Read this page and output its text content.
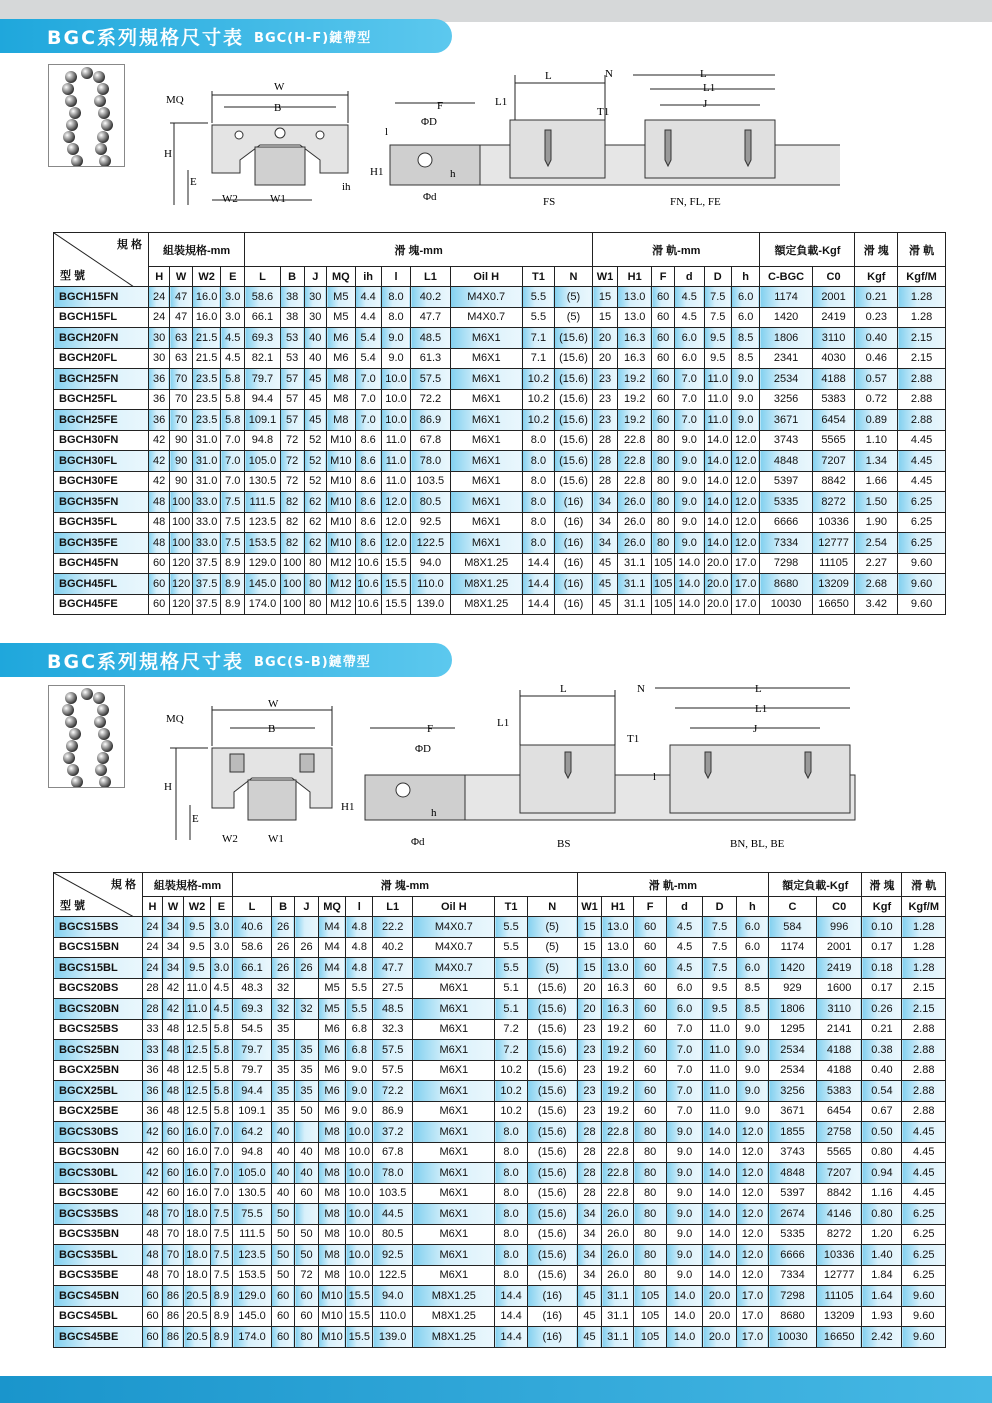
BGC系列規格尺寸表 BGC(H-F)鏈帶型
MQ
W
B
H
E
W2	W1
ih
L
L1
F
ΦD
H1	h
Φd
l
N
T1
L
L1
J
FS	FN, FL, FE
規 格
型 號	組裝規格-mm				滑 塊-mm										滑 軌-mm						額定負載-Kgf		滑 塊	滑 軌
	H	W	W2	E	L	B	J	MQ	ih	l	L1	Oil H	T1	N	W1	H1	F	d	D	h	C-BGC	C0	Kgf	Kgf/M
BGCH15FN	24	47	16.0	3.0	58.6	38	30	M5	4.4	8.0	40.2	M4X0.7	5.5	(5)	15	13.0	60	4.5	7.5	6.0	1174	2001	0.21	1.28
BGCH15FL	24	47	16.0	3.0	66.1	38	30	M5	4.4	8.0	47.7	M4X0.7	5.5	(5)	15	13.0	60	4.5	7.5	6.0	1420	2419	0.23	1.28
BGCH20FN	30	63	21.5	4.5	69.3	53	40	M6	5.4	9.0	48.5	M6X1	7.1	(15.6)	20	16.3	60	6.0	9.5	8.5	1806	3110	0.40	2.15
BGCH20FL	30	63	21.5	4.5	82.1	53	40	M6	5.4	9.0	61.3	M6X1	7.1	(15.6)	20	16.3	60	6.0	9.5	8.5	2341	4030	0.46	2.15
BGCH25FN	36	70	23.5	5.8	79.7	57	45	M8	7.0	10.0	57.5	M6X1	10.2	(15.6)	23	19.2	60	7.0	11.0	9.0	2534	4188	0.57	2.88
BGCH25FL	36	70	23.5	5.8	94.4	57	45	M8	7.0	10.0	72.2	M6X1	10.2	(15.6)	23	19.2	60	7.0	11.0	9.0	3256	5383	0.72	2.88
BGCH25FE	36	70	23.5	5.8	109.1	57	45	M8	7.0	10.0	86.9	M6X1	10.2	(15.6)	23	19.2	60	7.0	11.0	9.0	3671	6454	0.89	2.88
BGCH30FN	42	90	31.0	7.0	94.8	72	52	M10	8.6	11.0	67.8	M6X1	8.0	(15.6)	28	22.8	80	9.0	14.0	12.0	3743	5565	1.10	4.45
BGCH30FL	42	90	31.0	7.0	105.0	72	52	M10	8.6	11.0	78.0	M6X1	8.0	(15.6)	28	22.8	80	9.0	14.0	12.0	4848	7207	1.34	4.45
BGCH30FE	42	90	31.0	7.0	130.5	72	52	M10	8.6	11.0	103.5	M6X1	8.0	(15.6)	28	22.8	80	9.0	14.0	12.0	5397	8842	1.66	4.45
BGCH35FN	48	100	33.0	7.5	111.5	82	62	M10	8.6	12.0	80.5	M6X1	8.0	(16)	34	26.0	80	9.0	14.0	12.0	5335	8272	1.50	6.25
BGCH35FL	48	100	33.0	7.5	123.5	82	62	M10	8.6	12.0	92.5	M6X1	8.0	(16)	34	26.0	80	9.0	14.0	12.0	6666	10336	1.90	6.25
BGCH35FE	48	100	33.0	7.5	153.5	82	62	M10	8.6	12.0	122.5	M6X1	8.0	(16)	34	26.0	80	9.0	14.0	12.0	7334	12777	2.54	6.25
BGCH45FN	60	120	37.5	8.9	129.0	100	80	M12	10.6	15.5	94.0	M8X1.25	14.4	(16)	45	31.1	105	14.0	20.0	17.0	7298	11105	2.27	9.60
BGCH45FL	60	120	37.5	8.9	145.0	100	80	M12	10.6	15.5	110.0	M8X1.25	14.4	(16)	45	31.1	105	14.0	20.0	17.0	8680	13209	2.68	9.60
BGCH45FE	60	120	37.5	8.9	174.0	100	80	M12	10.6	15.5	139.0	M8X1.25	14.4	(16)	45	31.1	105	14.0	20.0	17.0	10030	16650	3.42	9.60
BGC系列規格尺寸表 BGC(S-B)鏈帶型
MQ
W
B
H
E
W2	W1
L
L1
F
ΦD
H1	h
Φd
l
N
T1
L
L1
J
BS	BN, BL, BE
規 格
型 號	組裝規格-mm				滑 塊-mm									滑 軌-mm						額定負載-Kgf		滑 塊	滑 軌
	H	W	W2	E	L	B	J	MQ	l	L1	Oil H	T1	N	W1	H1	F	d	D	h	C	C0	Kgf	Kgf/M
BGCS15BS	24	34	9.5	3.0	40.6	26		M4	4.8	22.2	M4X0.7	5.5	(5)	15	13.0	60	4.5	7.5	6.0	584	996	0.10	1.28
BGCS15BN	24	34	9.5	3.0	58.6	26	26	M4	4.8	40.2	M4X0.7	5.5	(5)	15	13.0	60	4.5	7.5	6.0	1174	2001	0.17	1.28
BGCS15BL	24	34	9.5	3.0	66.1	26	26	M4	4.8	47.7	M4X0.7	5.5	(5)	15	13.0	60	4.5	7.5	6.0	1420	2419	0.18	1.28
BGCS20BS	28	42	11.0	4.5	48.3	32		M5	5.5	27.5	M6X1	5.1	(15.6)	20	16.3	60	6.0	9.5	8.5	929	1600	0.17	2.15
BGCS20BN	28	42	11.0	4.5	69.3	32	32	M5	5.5	48.5	M6X1	5.1	(15.6)	20	16.3	60	6.0	9.5	8.5	1806	3110	0.26	2.15
BGCS25BS	33	48	12.5	5.8	54.5	35		M6	6.8	32.3	M6X1	7.2	(15.6)	23	19.2	60	7.0	11.0	9.0	1295	2141	0.21	2.88
BGCS25BN	33	48	12.5	5.8	79.7	35	35	M6	6.8	57.5	M6X1	7.2	(15.6)	23	19.2	60	7.0	11.0	9.0	2534	4188	0.38	2.88
BGCX25BN	36	48	12.5	5.8	79.7	35	35	M6	9.0	57.5	M6X1	10.2	(15.6)	23	19.2	60	7.0	11.0	9.0	2534	4188	0.40	2.88
BGCX25BL	36	48	12.5	5.8	94.4	35	35	M6	9.0	72.2	M6X1	10.2	(15.6)	23	19.2	60	7.0	11.0	9.0	3256	5383	0.54	2.88
BGCX25BE	36	48	12.5	5.8	109.1	35	50	M6	9.0	86.9	M6X1	10.2	(15.6)	23	19.2	60	7.0	11.0	9.0	3671	6454	0.67	2.88
BGCS30BS	42	60	16.0	7.0	64.2	40		M8	10.0	37.2	M6X1	8.0	(15.6)	28	22.8	80	9.0	14.0	12.0	1855	2758	0.50	4.45
BGCS30BN	42	60	16.0	7.0	94.8	40	40	M8	10.0	67.8	M6X1	8.0	(15.6)	28	22.8	80	9.0	14.0	12.0	3743	5565	0.80	4.45
BGCS30BL	42	60	16.0	7.0	105.0	40	40	M8	10.0	78.0	M6X1	8.0	(15.6)	28	22.8	80	9.0	14.0	12.0	4848	7207	0.94	4.45
BGCS30BE	42	60	16.0	7.0	130.5	40	60	M8	10.0	103.5	M6X1	8.0	(15.6)	28	22.8	80	9.0	14.0	12.0	5397	8842	1.16	4.45
BGCS35BS	48	70	18.0	7.5	75.5	50		M8	10.0	44.5	M6X1	8.0	(15.6)	34	26.0	80	9.0	14.0	12.0	2674	4146	0.80	6.25
BGCS35BN	48	70	18.0	7.5	111.5	50	50	M8	10.0	80.5	M6X1	8.0	(15.6)	34	26.0	80	9.0	14.0	12.0	5335	8272	1.20	6.25
BGCS35BL	48	70	18.0	7.5	123.5	50	50	M8	10.0	92.5	M6X1	8.0	(15.6)	34	26.0	80	9.0	14.0	12.0	6666	10336	1.40	6.25
BGCS35BE	48	70	18.0	7.5	153.5	50	72	M8	10.0	122.5	M6X1	8.0	(15.6)	34	26.0	80	9.0	14.0	12.0	7334	12777	1.84	6.25
BGCS45BN	60	86	20.5	8.9	129.0	60	60	M10	15.5	94.0	M8X1.25	14.4	(16)	45	31.1	105	14.0	20.0	17.0	7298	11105	1.64	9.60
BGCS45BL	60	86	20.5	8.9	145.0	60	60	M10	15.5	110.0	M8X1.25	14.4	(16)	45	31.1	105	14.0	20.0	17.0	8680	13209	1.93	9.60
BGCS45BE	60	86	20.5	8.9	174.0	60	80	M10	15.5	139.0	M8X1.25	14.4	(16)	45	31.1	105	14.0	20.0	17.0	10030	16650	2.42	9.60
